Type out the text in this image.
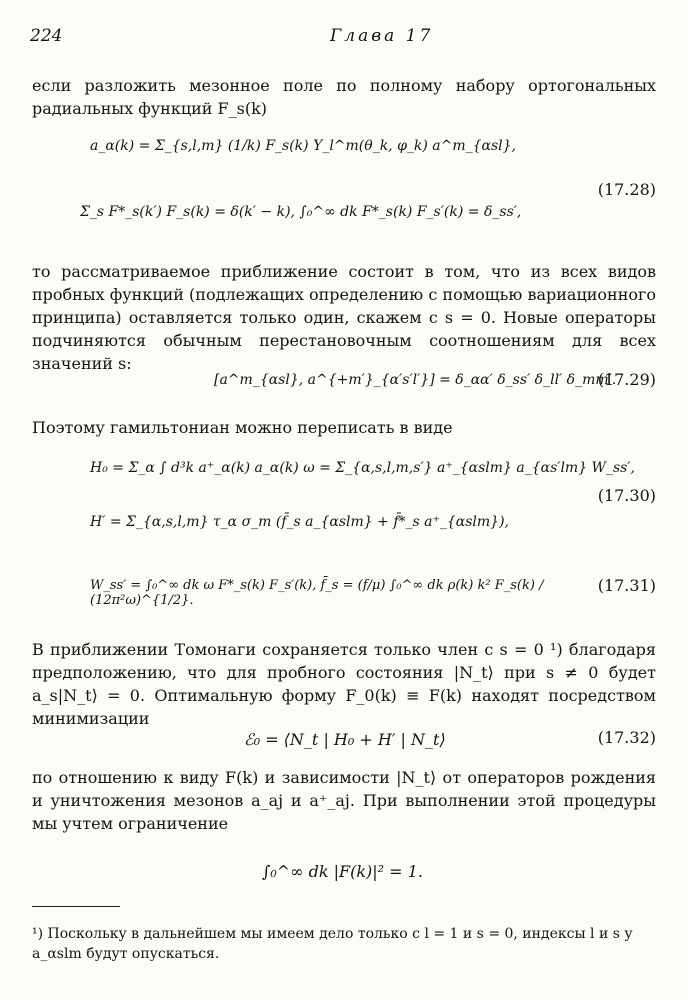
224	Глава 17
если разложить мезонное поле по полному набору ортогональных радиальных функций F_s(k)
a_α(k) = Σ_{s,l,m} (1/k) F_s(k) Y_l^m(θ_k, φ_k) a^m_{αsl},
Σ_s F*_s(k′) F_s(k) = δ(k′ − k), ∫₀^∞ dk F*_s(k) F_s′(k) = δ_ss′,
(17.28)
то рассматриваемое приближение состоит в том, что из всех видов пробных функций (подлежащих определению с помощью вариационного принципа) оставляется только один, скажем с s = 0. Новые операторы подчиняются обычным перестановочным соотношениям для всех значений s:
[a^m_{αsl}, a^{+m′}_{α′s′l′}] = δ_αα′ δ_ss′ δ_ll′ δ_mm′.
(17.29)
Поэтому гамильтониан можно переписать в виде
H₀ = Σ_α ∫ d³k a⁺_α(k) a_α(k) ω = Σ_{α,s,l,m,s′} a⁺_{αslm} a_{αs′lm} W_ss′,
H′ = Σ_{α,s,l,m} τ_α σ_m (f̄_s a_{αslm} + f̄*_s a⁺_{αslm}),
(17.30)
W_ss′ = ∫₀^∞ dk ω F*_s(k) F_s′(k), f̄_s = (f/μ) ∫₀^∞ dk ρ(k) k² F_s(k) / (12π²ω)^{1/2}.
(17.31)
В приближении Томонаги сохраняется только член с s = 0 ¹) благодаря предположению, что для пробного состояния |N_t⟩ при s ≠ 0 будет a_s|N_t⟩ = 0. Оптимальную форму F_0(k) ≡ F(k) находят посредством минимизации
ℰ₀ = ⟨N_t | H₀ + H′ | N_t⟩	(17.32)
по отношению к виду F(k) и зависимости |N_t⟩ от операторов рождения и уничтожения мезонов a_aj и a⁺_aj. При выполнении этой процедуры мы учтем ограничение
∫₀^∞ dk |F(k)|² = 1.
¹) Поскольку в дальнейшем мы имеем дело только с l = 1 и s = 0, индексы l и s у a_αslm будут опускаться.
